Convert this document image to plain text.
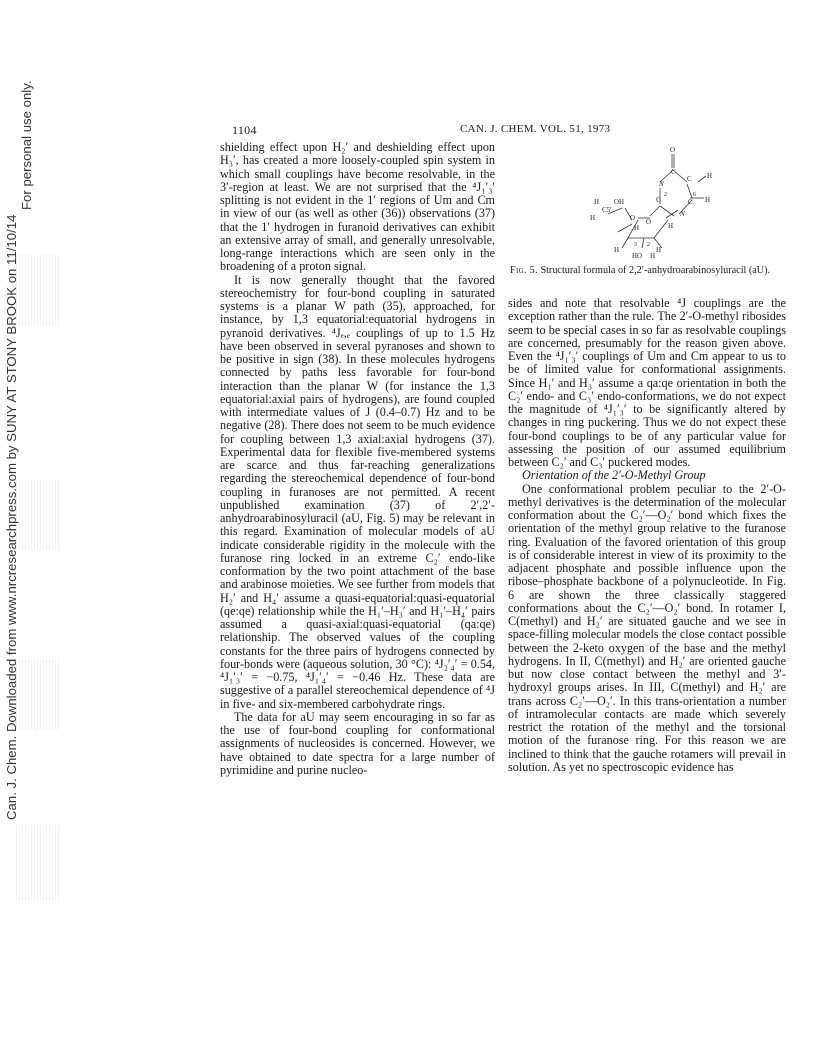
Can. J. Chem. Downloaded from www.nrcresearchpress.com by SUNY AT STONY BROOK on 11/10/14
For personal use only.	1104	CAN. J. CHEM. VOL. 51, 1973

shielding effect upon H₂′ and deshielding effect upon H₃′, has created a more loosely-coupled spin system in which small couplings have become resolvable, in the 3′-region at least. We are not surprised that the ⁴J₁′₃′ splitting is not evident in the 1′ regions of Um and Cm in view of our (as well as other (36)) observations (37) that the 1′ hydrogen in furanoid derivatives can exhibit an extensive array of small, and generally unresolvable, long-range interactions which are seen only in the broadening of a proton signal.

It is now generally thought that the favored stereochemistry for four-bond coupling in saturated systems is a planar W path (35), approached, for instance, by 1,3 equatorial:equatorial hydrogens in pyranoid derivatives. ⁴Jₑ,ₑ couplings of up to 1.5 Hz have been observed in several pyranoses and shown to be positive in sign (38). In these molecules hydrogens connected by paths less favorable for four-bond interaction than the planar W (for instance the 1,3 equatorial:axial pairs of hydrogens), are found coupled with intermediate values of J (0.4–0.7) Hz and to be negative (28). There does not seem to be much evidence for coupling between 1,3 axial:axial hydrogens (37). Experimental data for flexible five-membered systems are scarce and thus far-reaching generalizations regarding the stereochemical dependence of four-bond coupling in furanoses are not permitted. A recent unpublished examination (37) of 2′,2′-anhydroarabinosyluracil (aU, Fig. 5) may be relevant in this regard. Examination of molecular models of aU indicate considerable rigidity in the molecule with the furanose ring locked in an extreme C₂′ endo-like conformation by the two point attachment of the base and arabinose moieties. We see further from models that H₂′ and H₄′ assume a quasi-equatorial:quasi-equatorial (qe:qe) relationship while the H₁′–H₃′ and H₁′–H₄′ pairs assumed a quasi-axial:quasi-equatorial (qa:qe) relationship. The observed values of the coupling constants for the three pairs of hydrogens connected by four-bonds were (aqueous solution, 30 °C): ⁴J₂′₄′ = 0.54, ⁴J₁′₃′ = −0.75, ⁴J₁′₄′ = −0.46 Hz. These data are suggestive of a parallel stereochemical dependence of ⁴J in five- and six-membered carbohydrate rings.

The data for aU may seem encouraging in so far as the use of four-bond coupling for conformational assignments of nucleosides is concerned. However, we have obtained to date spectra for a large number of pyrimidine and purine nucleo-

O
N
C
C H
N
C	C H
O
C5′
OH
H
H	O
H
H
H
H
3 2
HO H
2	6
Fig. 5. Structural formula of 2,2′-anhydroarabinosyluracil (aU).

sides and note that resolvable ⁴J couplings are the exception rather than the rule. The 2′-O-methyl ribosides seem to be special cases in so far as resolvable couplings are concerned, presumably for the reason given above. Even the ⁴J₁′₃′ couplings of Um and Cm appear to us to be of limited value for conformational assignments. Since H₁′ and H₃′ assume a qa:qe orientation in both the C₂′ endo- and C₃′ endo-conformations, we do not expect the magnitude of ⁴J₁′₃′ to be significantly altered by changes in ring puckering. Thus we do not expect these four-bond couplings to be of any particular value for assessing the position of our assumed equilibrium between C₂′ and C₃′ puckered modes.

Orientation of the 2′-O-Methyl Group

One conformational problem peculiar to the 2′-O-methyl derivatives is the determination of the molecular conformation about the C₂′—O₂′ bond which fixes the orientation of the methyl group relative to the furanose ring. Evaluation of the favored orientation of this group is of considerable interest in view of its proximity to the adjacent phosphate and possible influence upon the ribose–phosphate backbone of a polynucleotide. In Fig. 6 are shown the three classically staggered conformations about the C₂′—O₂′ bond. In rotamer I, C(methyl) and H₂′ are situated gauche and we see in space-filling molecular models the close contact possible between the 2-keto oxygen of the base and the methyl hydrogens. In II, C(methyl) and H₂′ are oriented gauche but now close contact between the methyl and 3′-hydroxyl groups arises. In III, C(methyl) and H₂′ are trans across C₂′—O₂′. In this trans-orientation a number of intramolecular contacts are made which severely restrict the rotation of the methyl and the torsional motion of the furanose ring. For this reason we are inclined to think that the gauche rotamers will prevail in solution. As yet no spectroscopic evidence has
